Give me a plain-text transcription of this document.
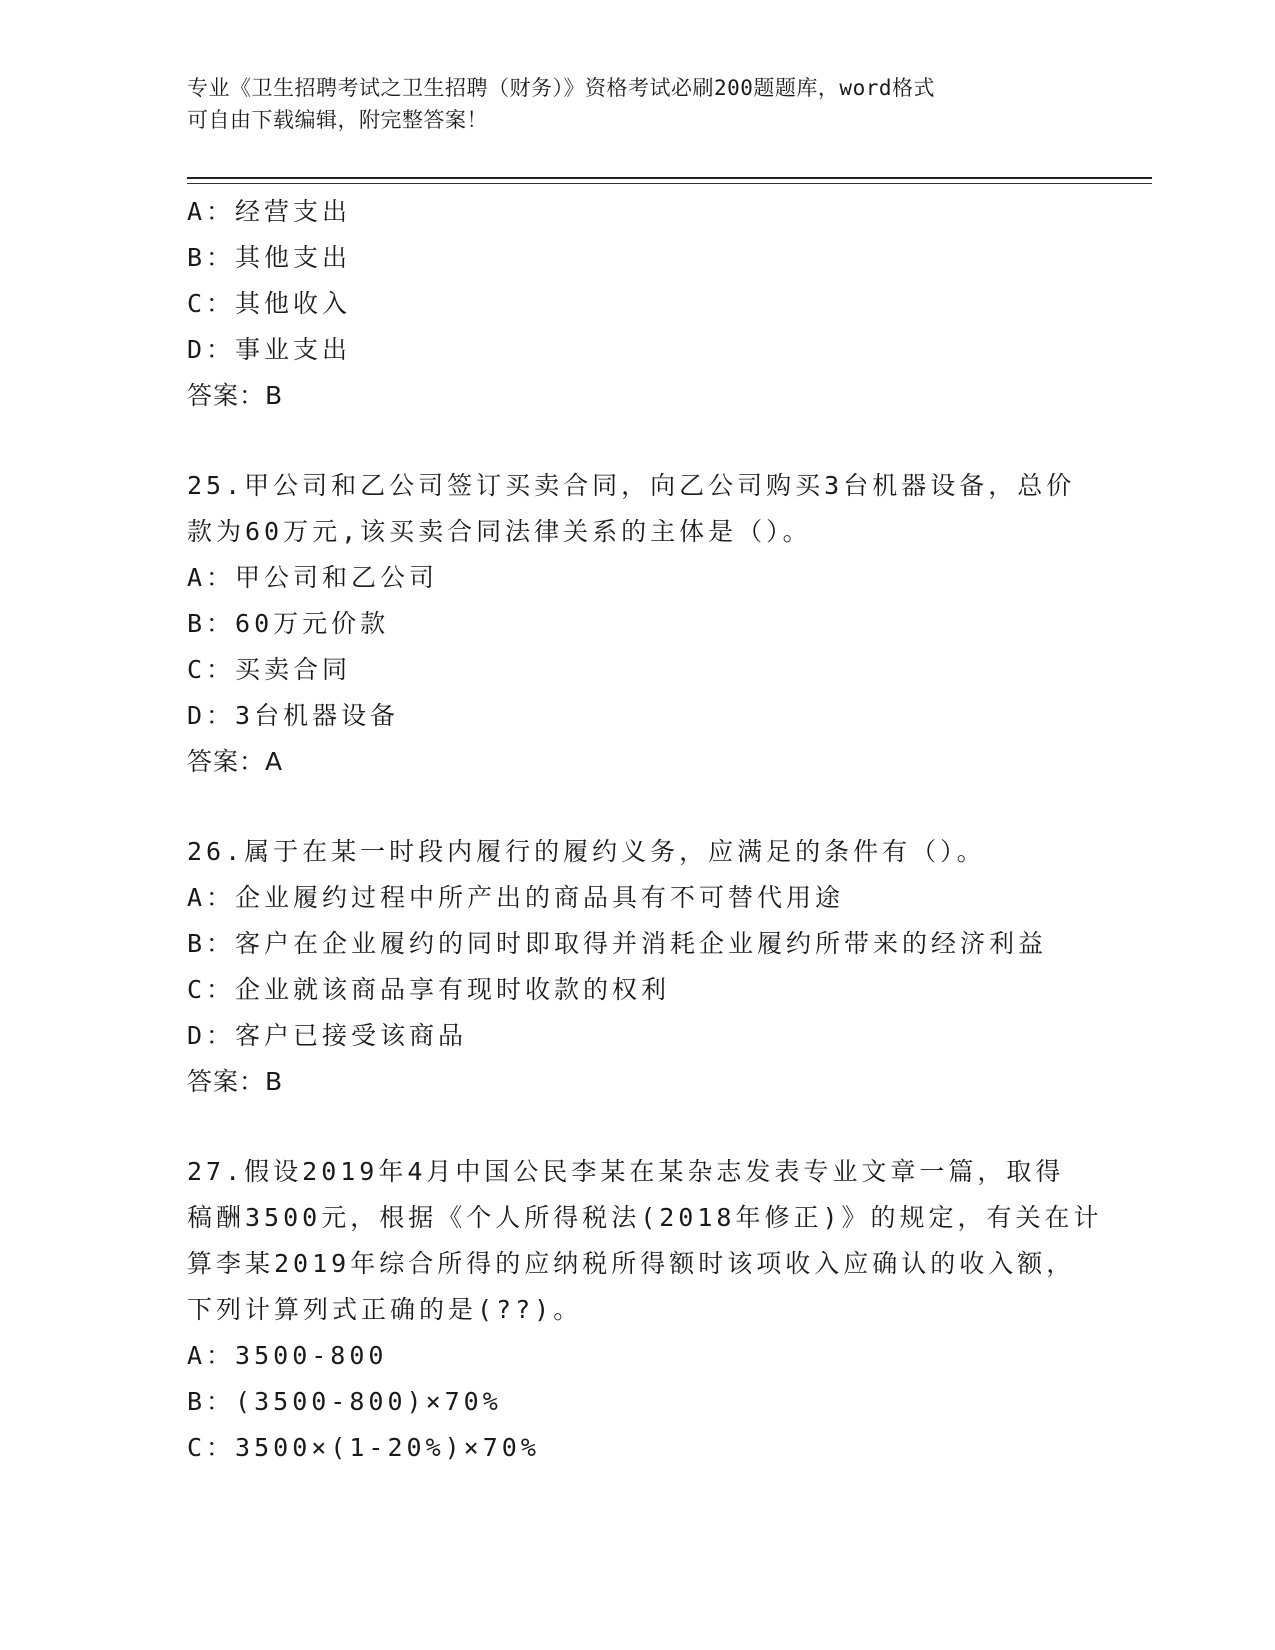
专业《卫生招聘考试之卫生招聘（财务）》资格考试必刷200题题库，word格式
可自由下载编辑，附完整答案！
A：经营支出
B：其他支出
C：其他收入
D：事业支出
答案：B
25.甲公司和乙公司签订买卖合同，向乙公司购买3台机器设备，总价
款为60万元,该买卖合同法律关系的主体是（）。
A：甲公司和乙公司
B：60万元价款
C：买卖合同
D：3台机器设备
答案：A
26.属于在某一时段内履行的履约义务，应满足的条件有（）。
A：企业履约过程中所产出的商品具有不可替代用途
B：客户在企业履约的同时即取得并消耗企业履约所带来的经济利益
C：企业就该商品享有现时收款的权利
D：客户已接受该商品
答案：B
27.假设2019年4月中国公民李某在某杂志发表专业文章一篇，取得
稿酬3500元，根据《个人所得税法(2018年修正)》的规定，有关在计
算李某2019年综合所得的应纳税所得额时该项收入应确认的收入额，
下列计算列式正确的是(??)。
A：3500-800
B：(3500-800)×70%
C：3500×(1-20%)×70%
